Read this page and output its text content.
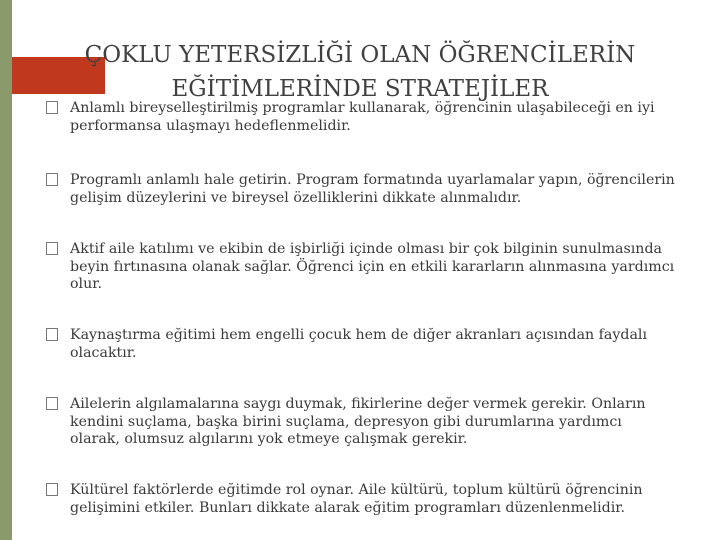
ÇOKLU YETERSİZLİĞİ OLAN ÖĞRENCİLERİN
EĞİTİMLERİNDE STRATEJİLER
Anlamlı bireyselleştirilmiş programlar kullanarak, öğrencinin ulaşabileceği en iyi performansa ulaşmayı hedeflenmelidir.
Programlı anlamlı hale getirin. Program formatında uyarlamalar yapın, öğrencilerin gelişim düzeylerini ve bireysel özelliklerini dikkate alınmalıdır.
Aktif aile katılımı ve ekibin de işbirliği içinde olması bir çok bilginin sunulmasında beyin fırtınasına olanak sağlar. Öğrenci için en etkili kararların alınmasına yardımcı olur.
Kaynaştırma eğitimi hem engelli çocuk hem de diğer akranları açısından faydalı olacaktır.
Ailelerin algılamalarına saygı duymak, fikirlerine değer vermek gerekir. Onların kendini suçlama, başka birini suçlama, depresyon gibi durumlarına yardımcı olarak, olumsuz algılarını yok etmeye çalışmak gerekir.
Kültürel faktörlerde eğitimde rol oynar. Aile kültürü, toplum kültürü öğrencinin gelişimini etkiler. Bunları dikkate alarak eğitim programları düzenlenmelidir.
